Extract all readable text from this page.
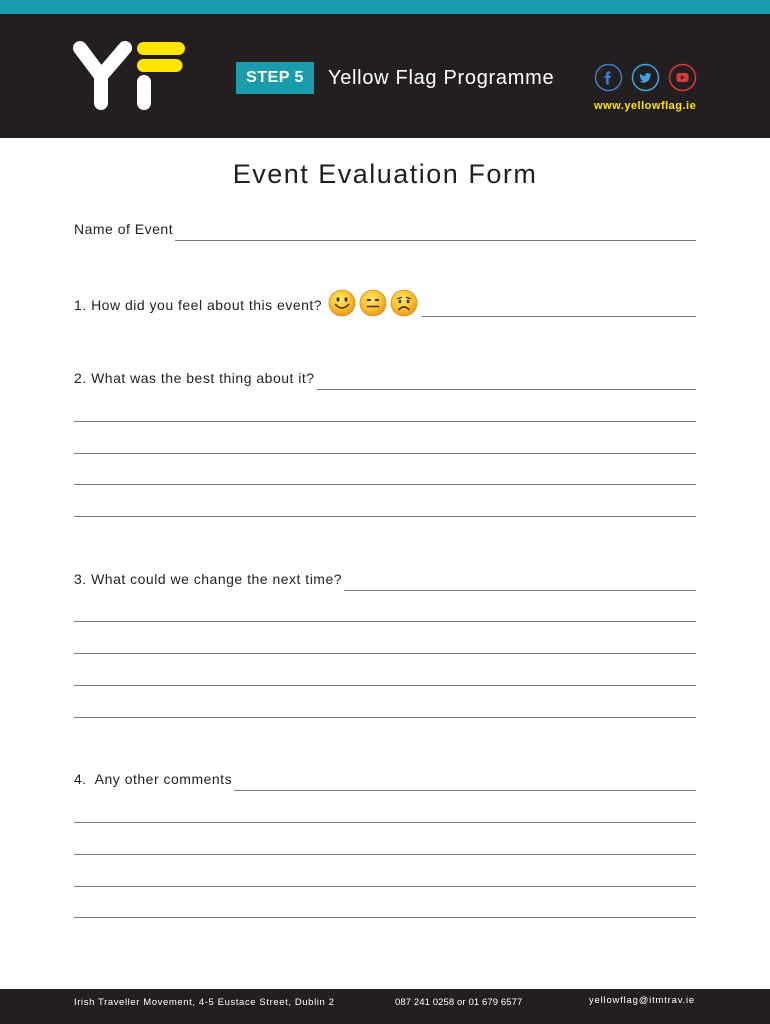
STEP 5	Yellow Flag Programme
www.yellowflag.ie
Event Evaluation Form
Name of Event
1. How did you feel about this event?
2. What was the best thing about it?
3. What could we change the next time?
4.  Any other comments
Irish Traveller Movement, 4-5 Eustace Street, Dublin 2	087 241 0258 or 01 679 6577	yellowflag@itmtrav.ie
